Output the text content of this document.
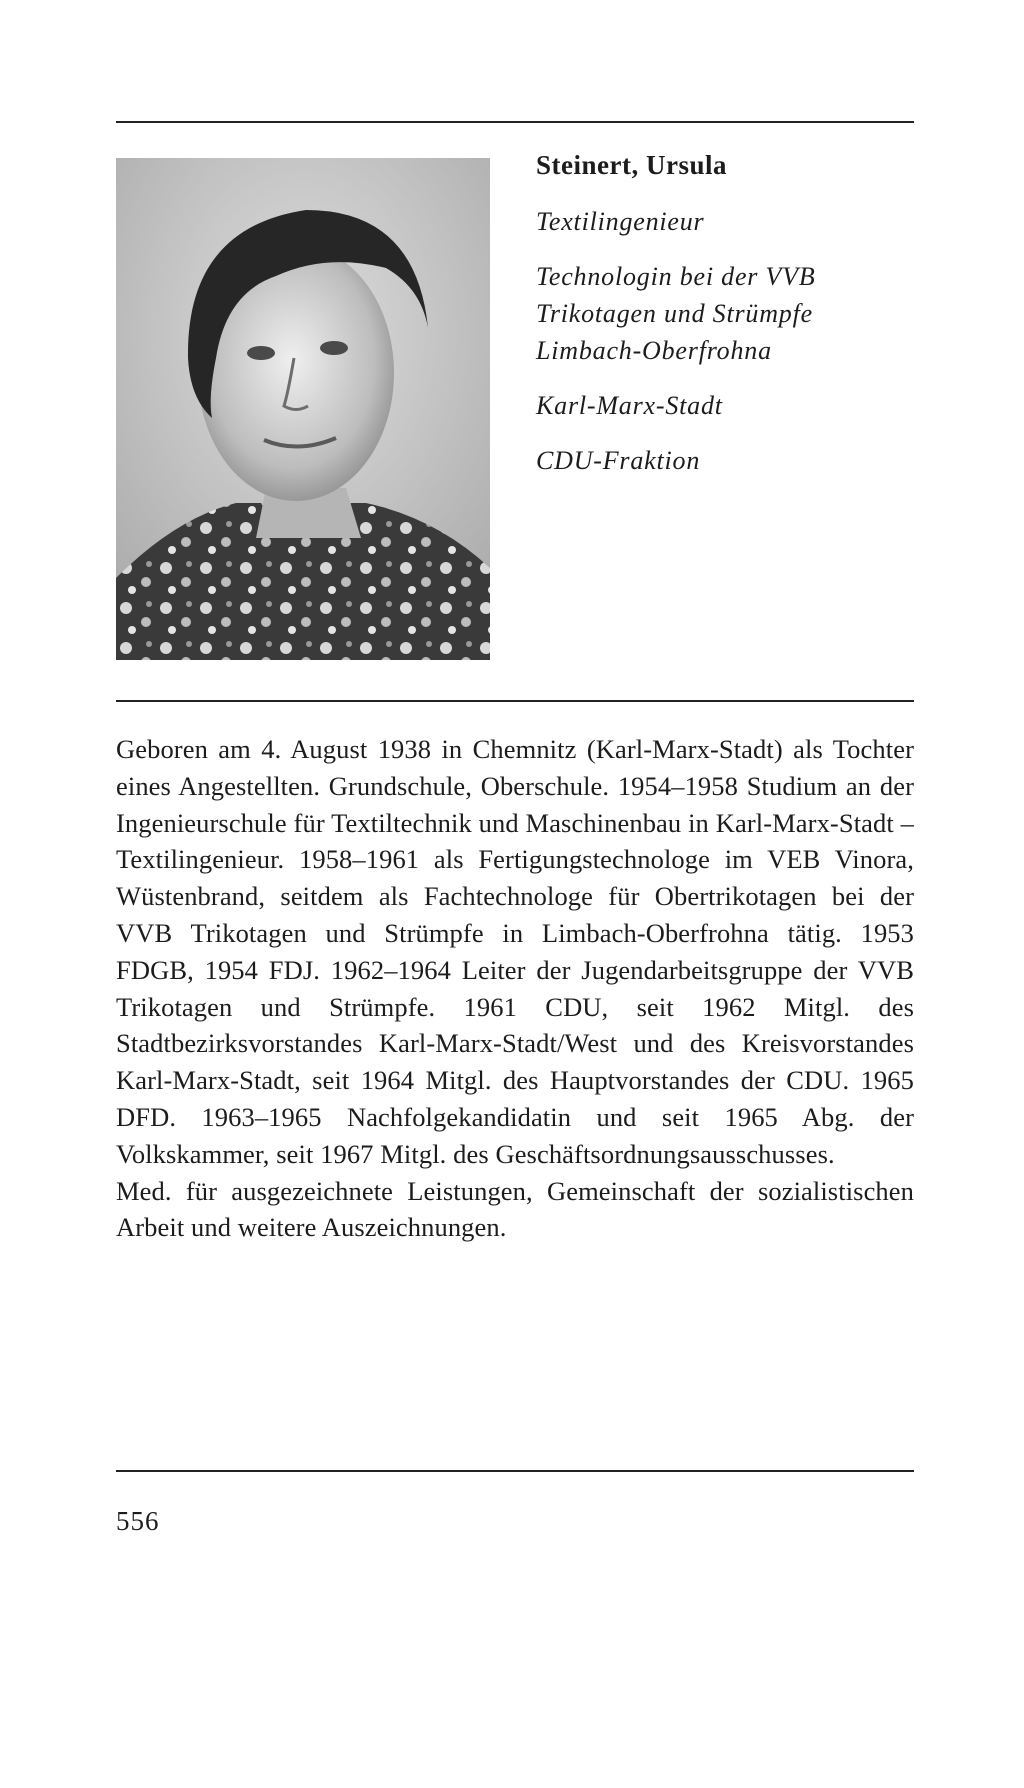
Steinert, Ursula
Textilingenieur
Technologin bei der VVB
Trikotagen und Strümpfe
Limbach-Oberfrohna
Karl-Marx-Stadt
CDU-Fraktion

Geboren am 4. August 1938 in Chemnitz (Karl-Marx-Stadt) als Tochter eines Angestellten. Grundschule, Oberschule. 1954–1958 Studium an der Ingenieurschule für Textiltechnik und Maschinenbau in Karl-Marx-Stadt – Textilingenieur. 1958–1961 als Fertigungstechnologe im VEB Vinora, Wüstenbrand, seitdem als Fachtechnologe für Obertrikotagen bei der VVB Trikotagen und Strümpfe in Limbach-Oberfrohna tätig. 1953 FDGB, 1954 FDJ. 1962–1964 Leiter der Jugendarbeitsgruppe der VVB Trikotagen und Strümpfe. 1961 CDU, seit 1962 Mitgl. des Stadtbezirksvorstandes Karl-Marx-Stadt/West und des Kreisvorstandes Karl-Marx-Stadt, seit 1964 Mitgl. des Hauptvorstandes der CDU. 1965 DFD. 1963–1965 Nachfolgekandidatin und seit 1965 Abg. der Volkskammer, seit 1967 Mitgl. des Geschäftsordnungsausschusses.

Med. für ausgezeichnete Leistungen, Gemeinschaft der sozialistischen Arbeit und weitere Auszeichnungen.

556
